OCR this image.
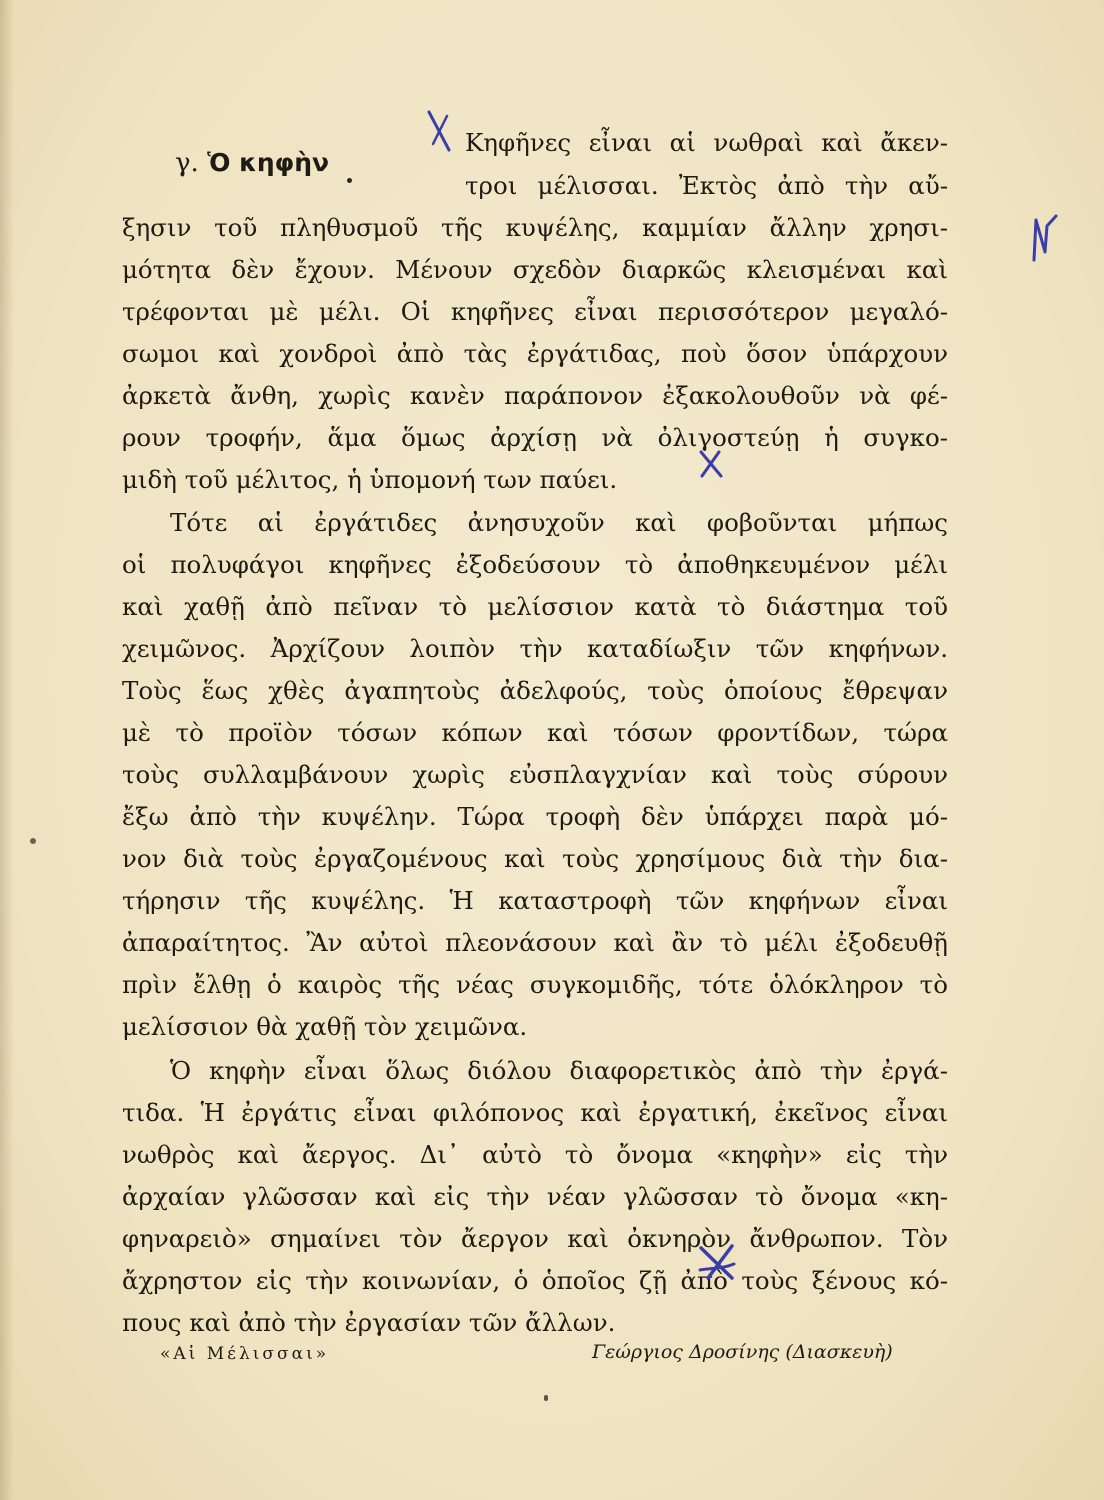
γ. Ὁ κηφὴν
Κηφῆνες εἶναι αἱ νωθραὶ καὶ ἄκεν-
τροι μέλισσαι. Ἐκτὸς ἀπὸ τὴν αὔ-
ξησιν τοῦ πληθυσμοῦ τῆς κυψέλης, καμμίαν ἄλλην χρησι-
μότητα δὲν ἔχουν. Μένουν σχεδὸν διαρκῶς κλεισμέναι καὶ
τρέφονται μὲ μέλι. Οἱ κηφῆνες εἶναι περισσότερον μεγαλό-
σωμοι καὶ χονδροὶ ἀπὸ τὰς ἐργάτιδας, ποὺ ὅσον ὑπάρχουν
ἀρκετὰ ἄνθη, χωρὶς κανὲν παράπονον ἐξακολουθοῦν νὰ φέ-
ρουν τροφήν, ἅμα ὅμως ἀρχίσῃ νὰ ὀλιγοστεύῃ ἡ συγκο-
μιδὴ τοῦ μέλιτος, ἡ ὑπομονή των παύει.
Τότε αἱ ἐργάτιδες ἀνησυχοῦν καὶ φοβοῦνται μήπως
οἱ πολυφάγοι κηφῆνες ἐξοδεύσουν τὸ ἀποθηκευμένον μέλι
καὶ χαθῇ ἀπὸ πεῖναν τὸ μελίσσιον κατὰ τὸ διάστημα τοῦ
χειμῶνος. Ἀρχίζουν λοιπὸν τὴν καταδίωξιν τῶν κηφήνων.
Τοὺς ἕως χθὲς ἀγαπητοὺς ἀδελφούς, τοὺς ὁποίους ἔθρεψαν
μὲ τὸ προϊὸν τόσων κόπων καὶ τόσων φροντίδων, τώρα
τοὺς συλλαμβάνουν χωρὶς εὐσπλαγχνίαν καὶ τοὺς σύρουν
ἔξω ἀπὸ τὴν κυψέλην. Τώρα τροφὴ δὲν ὑπάρχει παρὰ μό-
νον διὰ τοὺς ἐργαζομένους καὶ τοὺς χρησίμους διὰ τὴν δια-
τήρησιν τῆς κυψέλης. Ἡ καταστροφὴ τῶν κηφήνων εἶναι
ἀπαραίτητος. Ἂν αὐτοὶ πλεονάσουν καὶ ἂν τὸ μέλι ἐξοδευθῇ
πρὶν ἔλθῃ ὁ καιρὸς τῆς νέας συγκομιδῆς, τότε ὁλόκληρον τὸ
μελίσσιον θὰ χαθῇ τὸν χειμῶνα.
Ὁ κηφὴν εἶναι ὅλως διόλου διαφορετικὸς ἀπὸ τὴν ἐργά-
τιδα. Ἡ ἐργάτις εἶναι φιλόπονος καὶ ἐργατική, ἐκεῖνος εἶναι
νωθρὸς καὶ ἄεργος. Δι᾽ αὐτὸ τὸ ὄνομα «κηφὴν» εἰς τὴν
ἀρχαίαν γλῶσσαν καὶ εἰς τὴν νέαν γλῶσσαν τὸ ὄνομα «κη-
φηναρειὸ» σημαίνει τὸν ἄεργον καὶ ὀκνηρὸν ἄνθρωπον. Τὸν
ἄχρηστον εἰς τὴν κοινωνίαν, ὁ ὁποῖος ζῇ ἀπὸ τοὺς ξένους κό-
πους καὶ ἀπὸ τὴν ἐργασίαν τῶν ἄλλων.
«Αἱ Μέλισσαι»	Γεώργιος Δροσίνης (Διασκευὴ)
